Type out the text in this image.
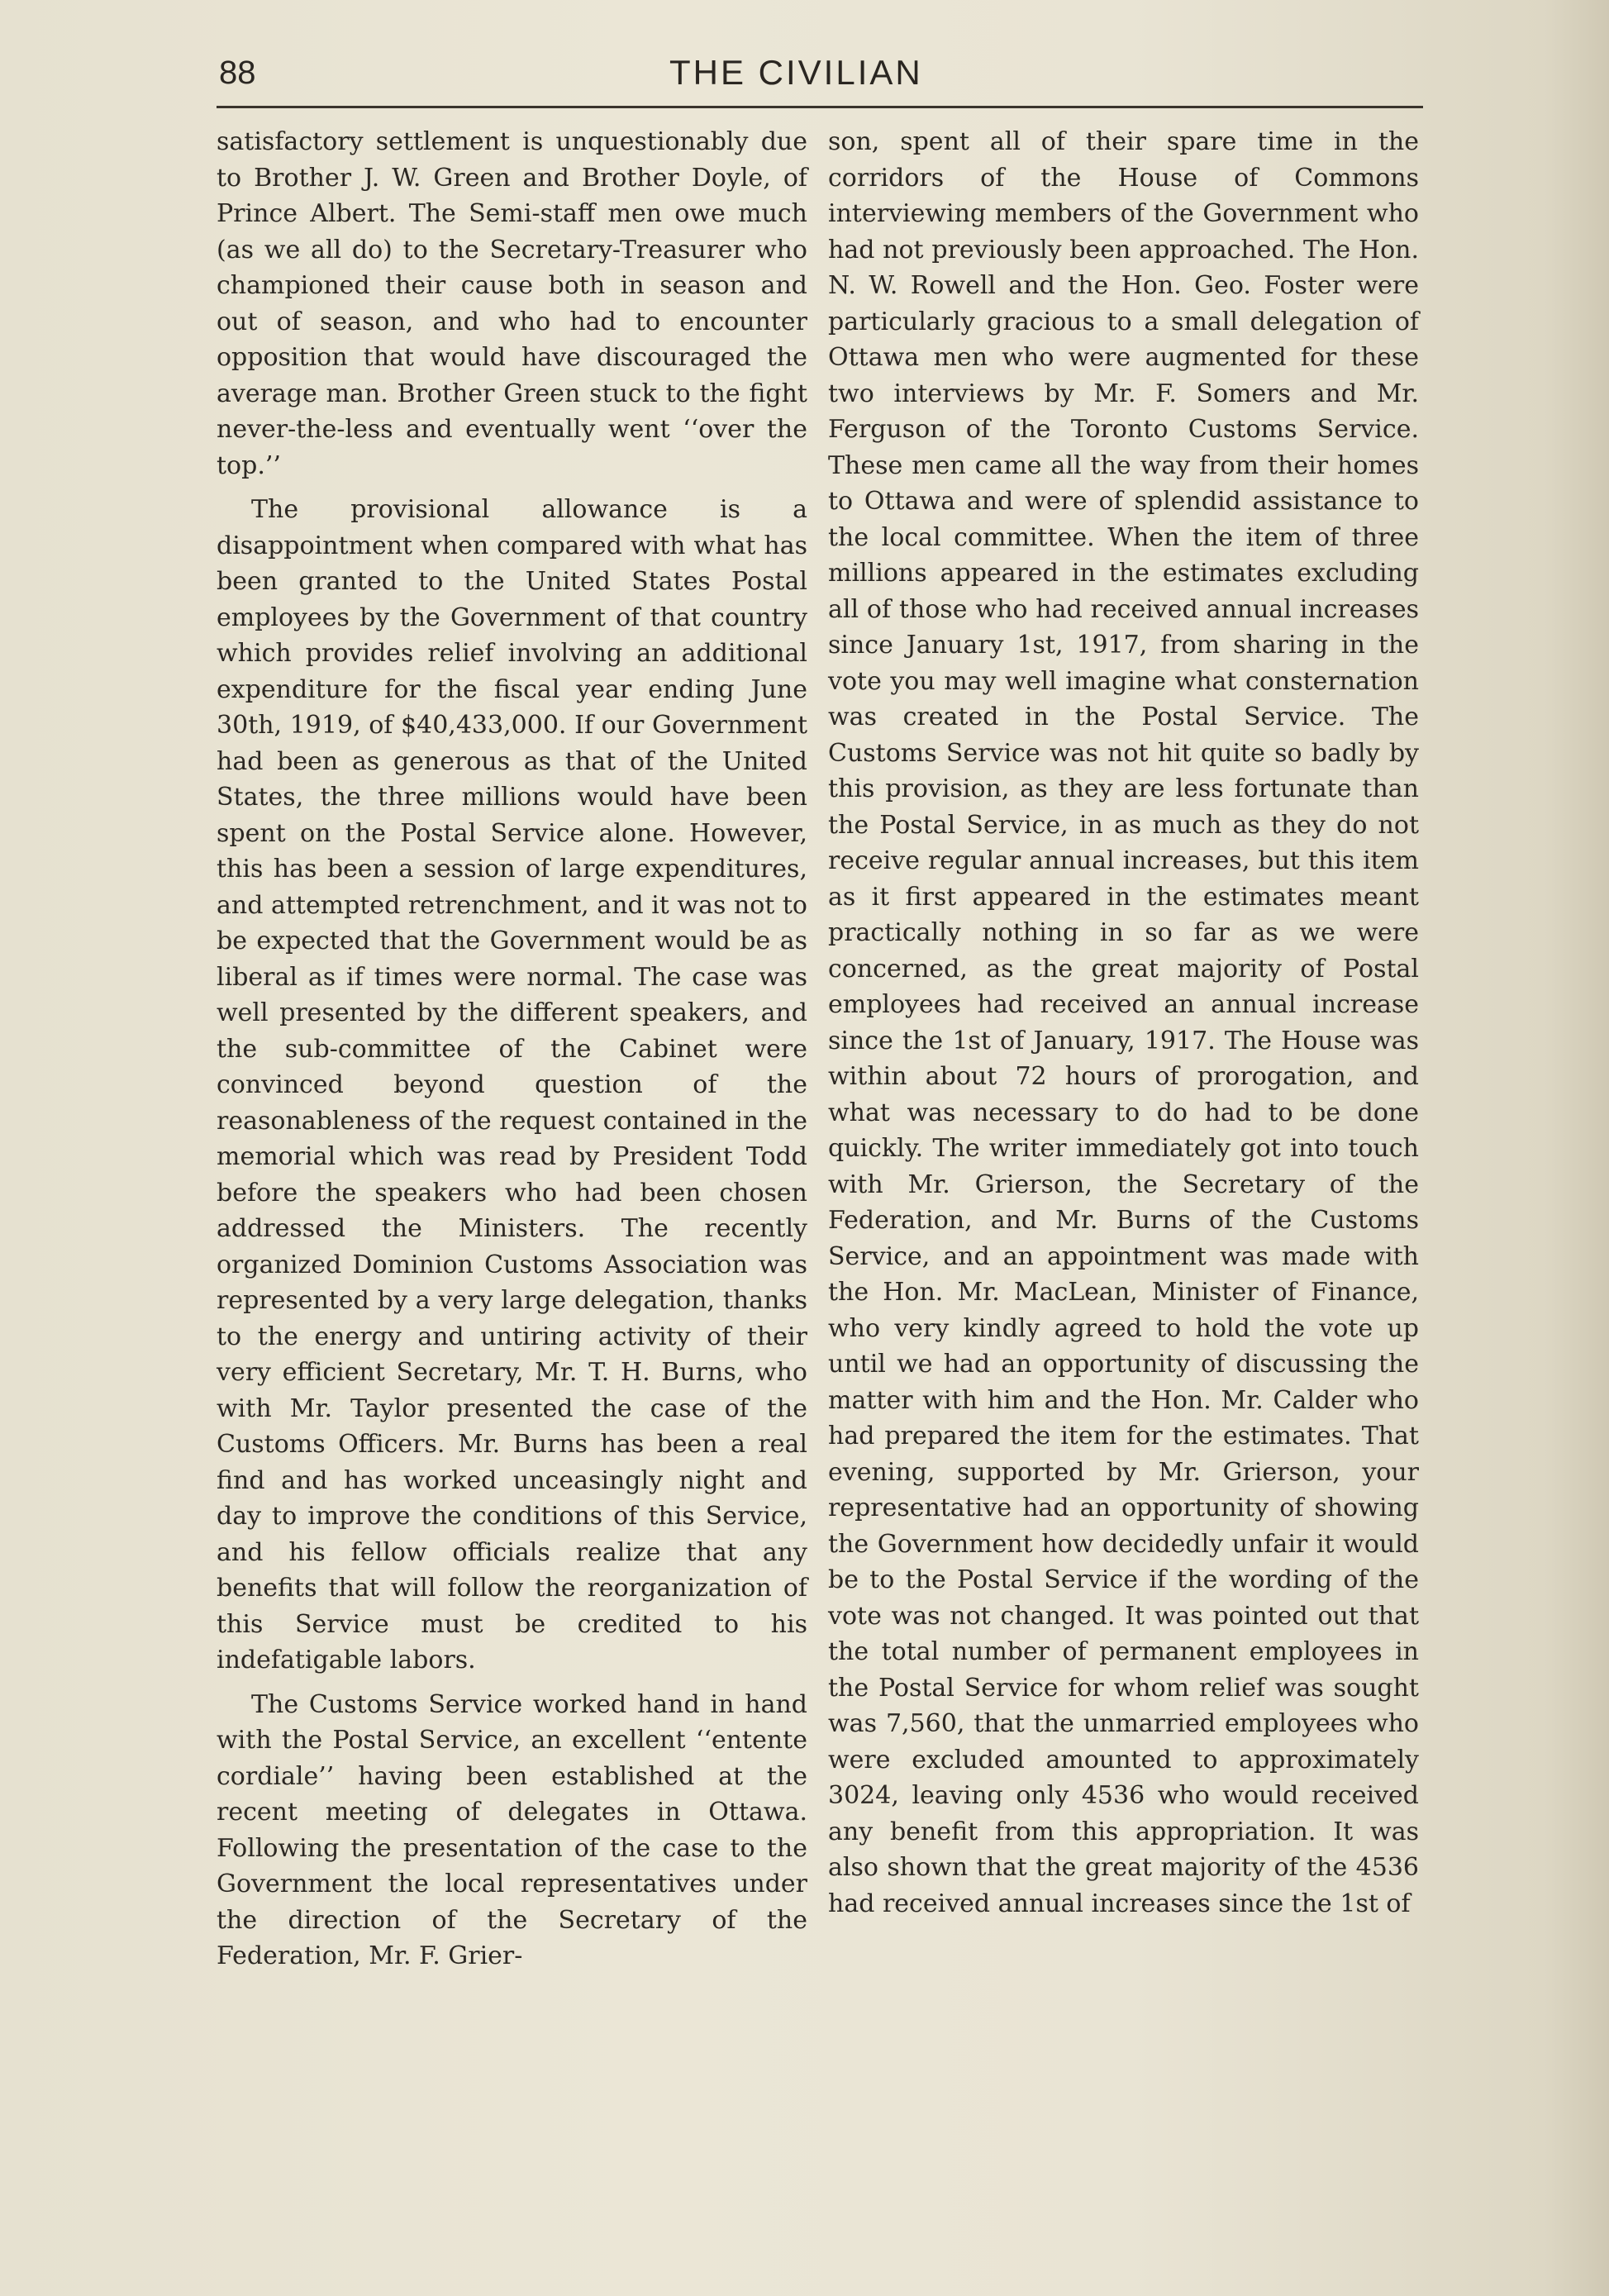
88	THE CIVILIAN

satisfactory settlement is unquestionably due to Brother J. W. Green and Brother Doyle, of Prince Albert. The Semi-staff men owe much (as we all do) to the Secretary-Treasurer who championed their cause both in season and out of season, and who had to encounter opposition that would have discouraged the average man. Brother Green stuck to the fight never-the-less and eventually went ‘‘over the top.’’

The provisional allowance is a disappointment when compared with what has been granted to the United States Postal employees by the Government of that country which provides relief involving an additional expenditure for the fiscal year ending June 30th, 1919, of $40,433,000. If our Government had been as generous as that of the United States, the three millions would have been spent on the Postal Service alone. However, this has been a session of large expenditures, and attempted retrenchment, and it was not to be expected that the Government would be as liberal as if times were normal. The case was well presented by the different speakers, and the sub-committee of the Cabinet were convinced beyond question of the reasonableness of the request contained in the memorial which was read by President Todd before the speakers who had been chosen addressed the Ministers. The recently organized Dominion Customs Association was represented by a very large delegation, thanks to the energy and untiring activity of their very efficient Secretary, Mr. T. H. Burns, who with Mr. Taylor presented the case of the Customs Officers. Mr. Burns has been a real find and has worked unceasingly night and day to improve the conditions of this Service, and his fellow officials realize that any benefits that will follow the reorganization of this Service must be credited to his indefatigable labors.

The Customs Service worked hand in hand with the Postal Service, an excellent ‘‘entente cordiale’’ having been established at the recent meeting of delegates in Ottawa. Following the presentation of the case to the Government the local representatives under the direction of the Secretary of the Federation, Mr. F. Grier-

son, spent all of their spare time in the corridors of the House of Commons interviewing members of the Government who had not previously been approached. The Hon. N. W. Rowell and the Hon. Geo. Foster were particularly gracious to a small delegation of Ottawa men who were augmented for these two interviews by Mr. F. Somers and Mr. Ferguson of the Toronto Customs Service. These men came all the way from their homes to Ottawa and were of splendid assistance to the local committee. When the item of three millions appeared in the estimates excluding all of those who had received annual increases since January 1st, 1917, from sharing in the vote you may well imagine what consternation was created in the Postal Service. The Customs Service was not hit quite so badly by this provision, as they are less fortunate than the Postal Service, in as much as they do not receive regular annual increases, but this item as it first appeared in the estimates meant practically nothing in so far as we were concerned, as the great majority of Postal employees had received an annual increase since the 1st of January, 1917. The House was within about 72 hours of prorogation, and what was necessary to do had to be done quickly. The writer immediately got into touch with Mr. Grierson, the Secretary of the Federation, and Mr. Burns of the Customs Service, and an appointment was made with the Hon. Mr. MacLean, Minister of Finance, who very kindly agreed to hold the vote up until we had an opportunity of discussing the matter with him and the Hon. Mr. Calder who had prepared the item for the estimates. That evening, supported by Mr. Grierson, your representative had an opportunity of showing the Government how decidedly unfair it would be to the Postal Service if the wording of the vote was not changed. It was pointed out that the total number of permanent employees in the Postal Service for whom relief was sought was 7,560, that the unmarried employees who were excluded amounted to approximately 3024, leaving only 4536 who would received any benefit from this appropriation. It was also shown that the great majority of the 4536 had received annual increases since the 1st of
